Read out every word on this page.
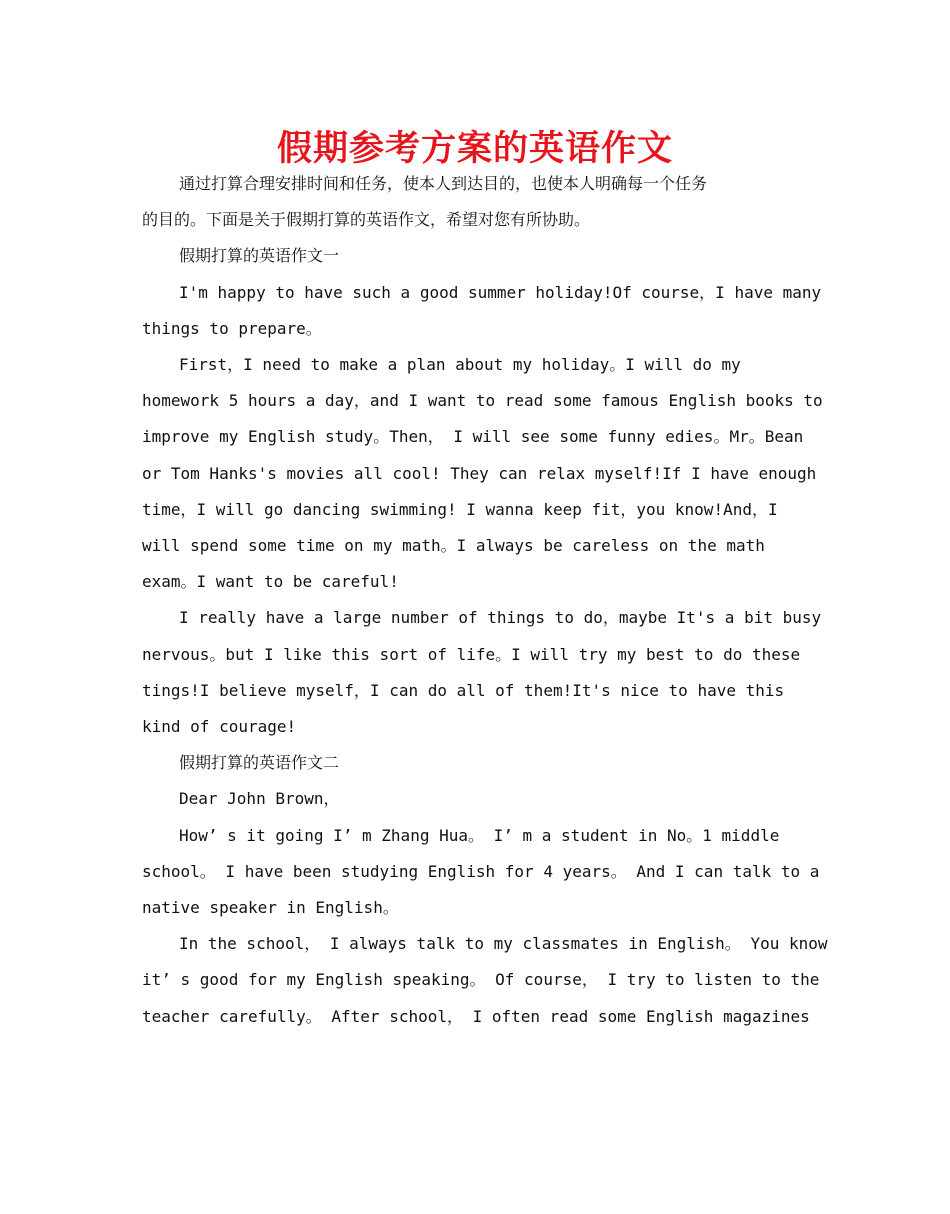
假期参考方案的英语作文
通过打算合理安排时间和任务，使本人到达目的，也使本人明确每一个任务
的目的。下面是关于假期打算的英语作文，希望对您有所协助。
假期打算的英语作文一
I'm happy to have such a good summer holiday!Of course，I have many
things to prepare。
First，I need to make a plan about my holiday。I will do my
homework 5 hours a day，and I want to read some famous English books to
improve my English study。Then， I will see some funny edies。Mr。Bean
or Tom Hanks's movies all cool! They can relax myself!If I have enough
time，I will go dancing swimming! I wanna keep fit，you know!And，I
will spend some time on my math。I always be careless on the math
exam。I want to be careful!
I really have a large number of things to do，maybe It's a bit busy
nervous。but I like this sort of life。I will try my best to do these
tings!I believe myself，I can do all of them!It's nice to have this
kind of courage!
假期打算的英语作文二
Dear John Brown，
How’ s it going I’ m Zhang Hua。 I’ m a student in No。1 middle
school。 I have been studying English for 4 years。 And I can talk to a
native speaker in English。
In the school， I always talk to my classmates in English。 You know
it’ s good for my English speaking。 Of course， I try to listen to the
teacher carefully。 After school， I often read some English magazines
